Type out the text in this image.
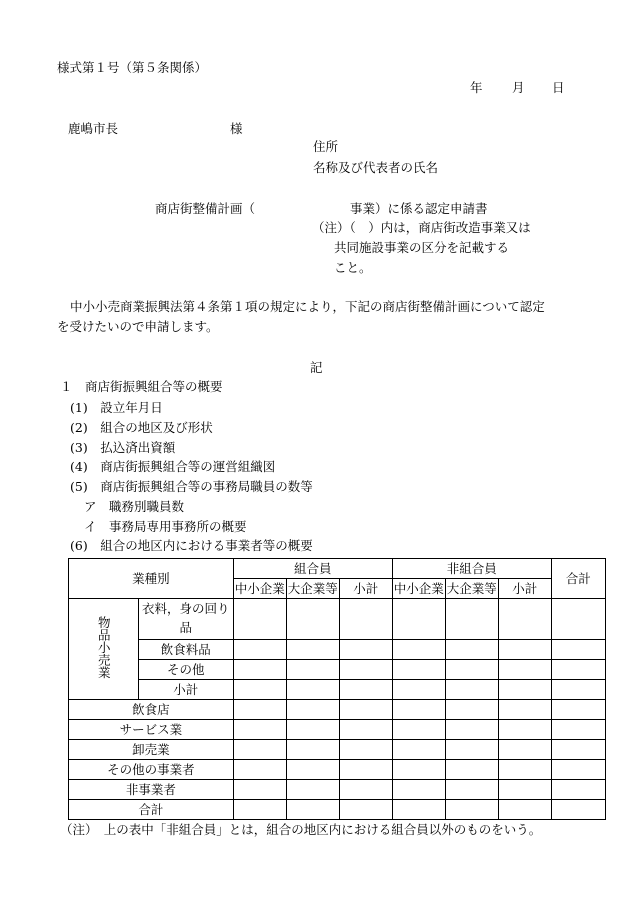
様式第１号（第５条関係）
年 月 日
鹿嶋市長	様
住所
名称及び代表者の氏名
商店街整備計画（	事業）に係る認定申請書
（注）（　）内は，商店街改造事業又は
共同施設事業の区分を記載する
こと。
中小小売商業振興法第４条第１項の規定により，下記の商店街整備計画について認定
を受けたいので申請します。
記
１　商店街振興組合等の概要
(1)　設立年月日
(2)　組合の地区及び形状
(3)　払込済出資額
(4)　商店街振興組合等の運営組織図
(5)　商店街振興組合等の事務局職員の数等
ア　職務別職員数
イ　事務局専用事務所の概要
(6)　組合の地区内における事業者等の概要
業種別		組合員			非組合員			合計
		中小企業	大企業等	小計	中小企業	大企業等	小計	
物品小売業	衣料，身の回り品							
	飲食料品							
	その他							
	小計							
飲食店								
サービス業								
卸売業								
その他の事業者								
非事業者								
合計								
（注）　上の表中「非組合員」とは，組合の地区内における組合員以外のものをいう。
